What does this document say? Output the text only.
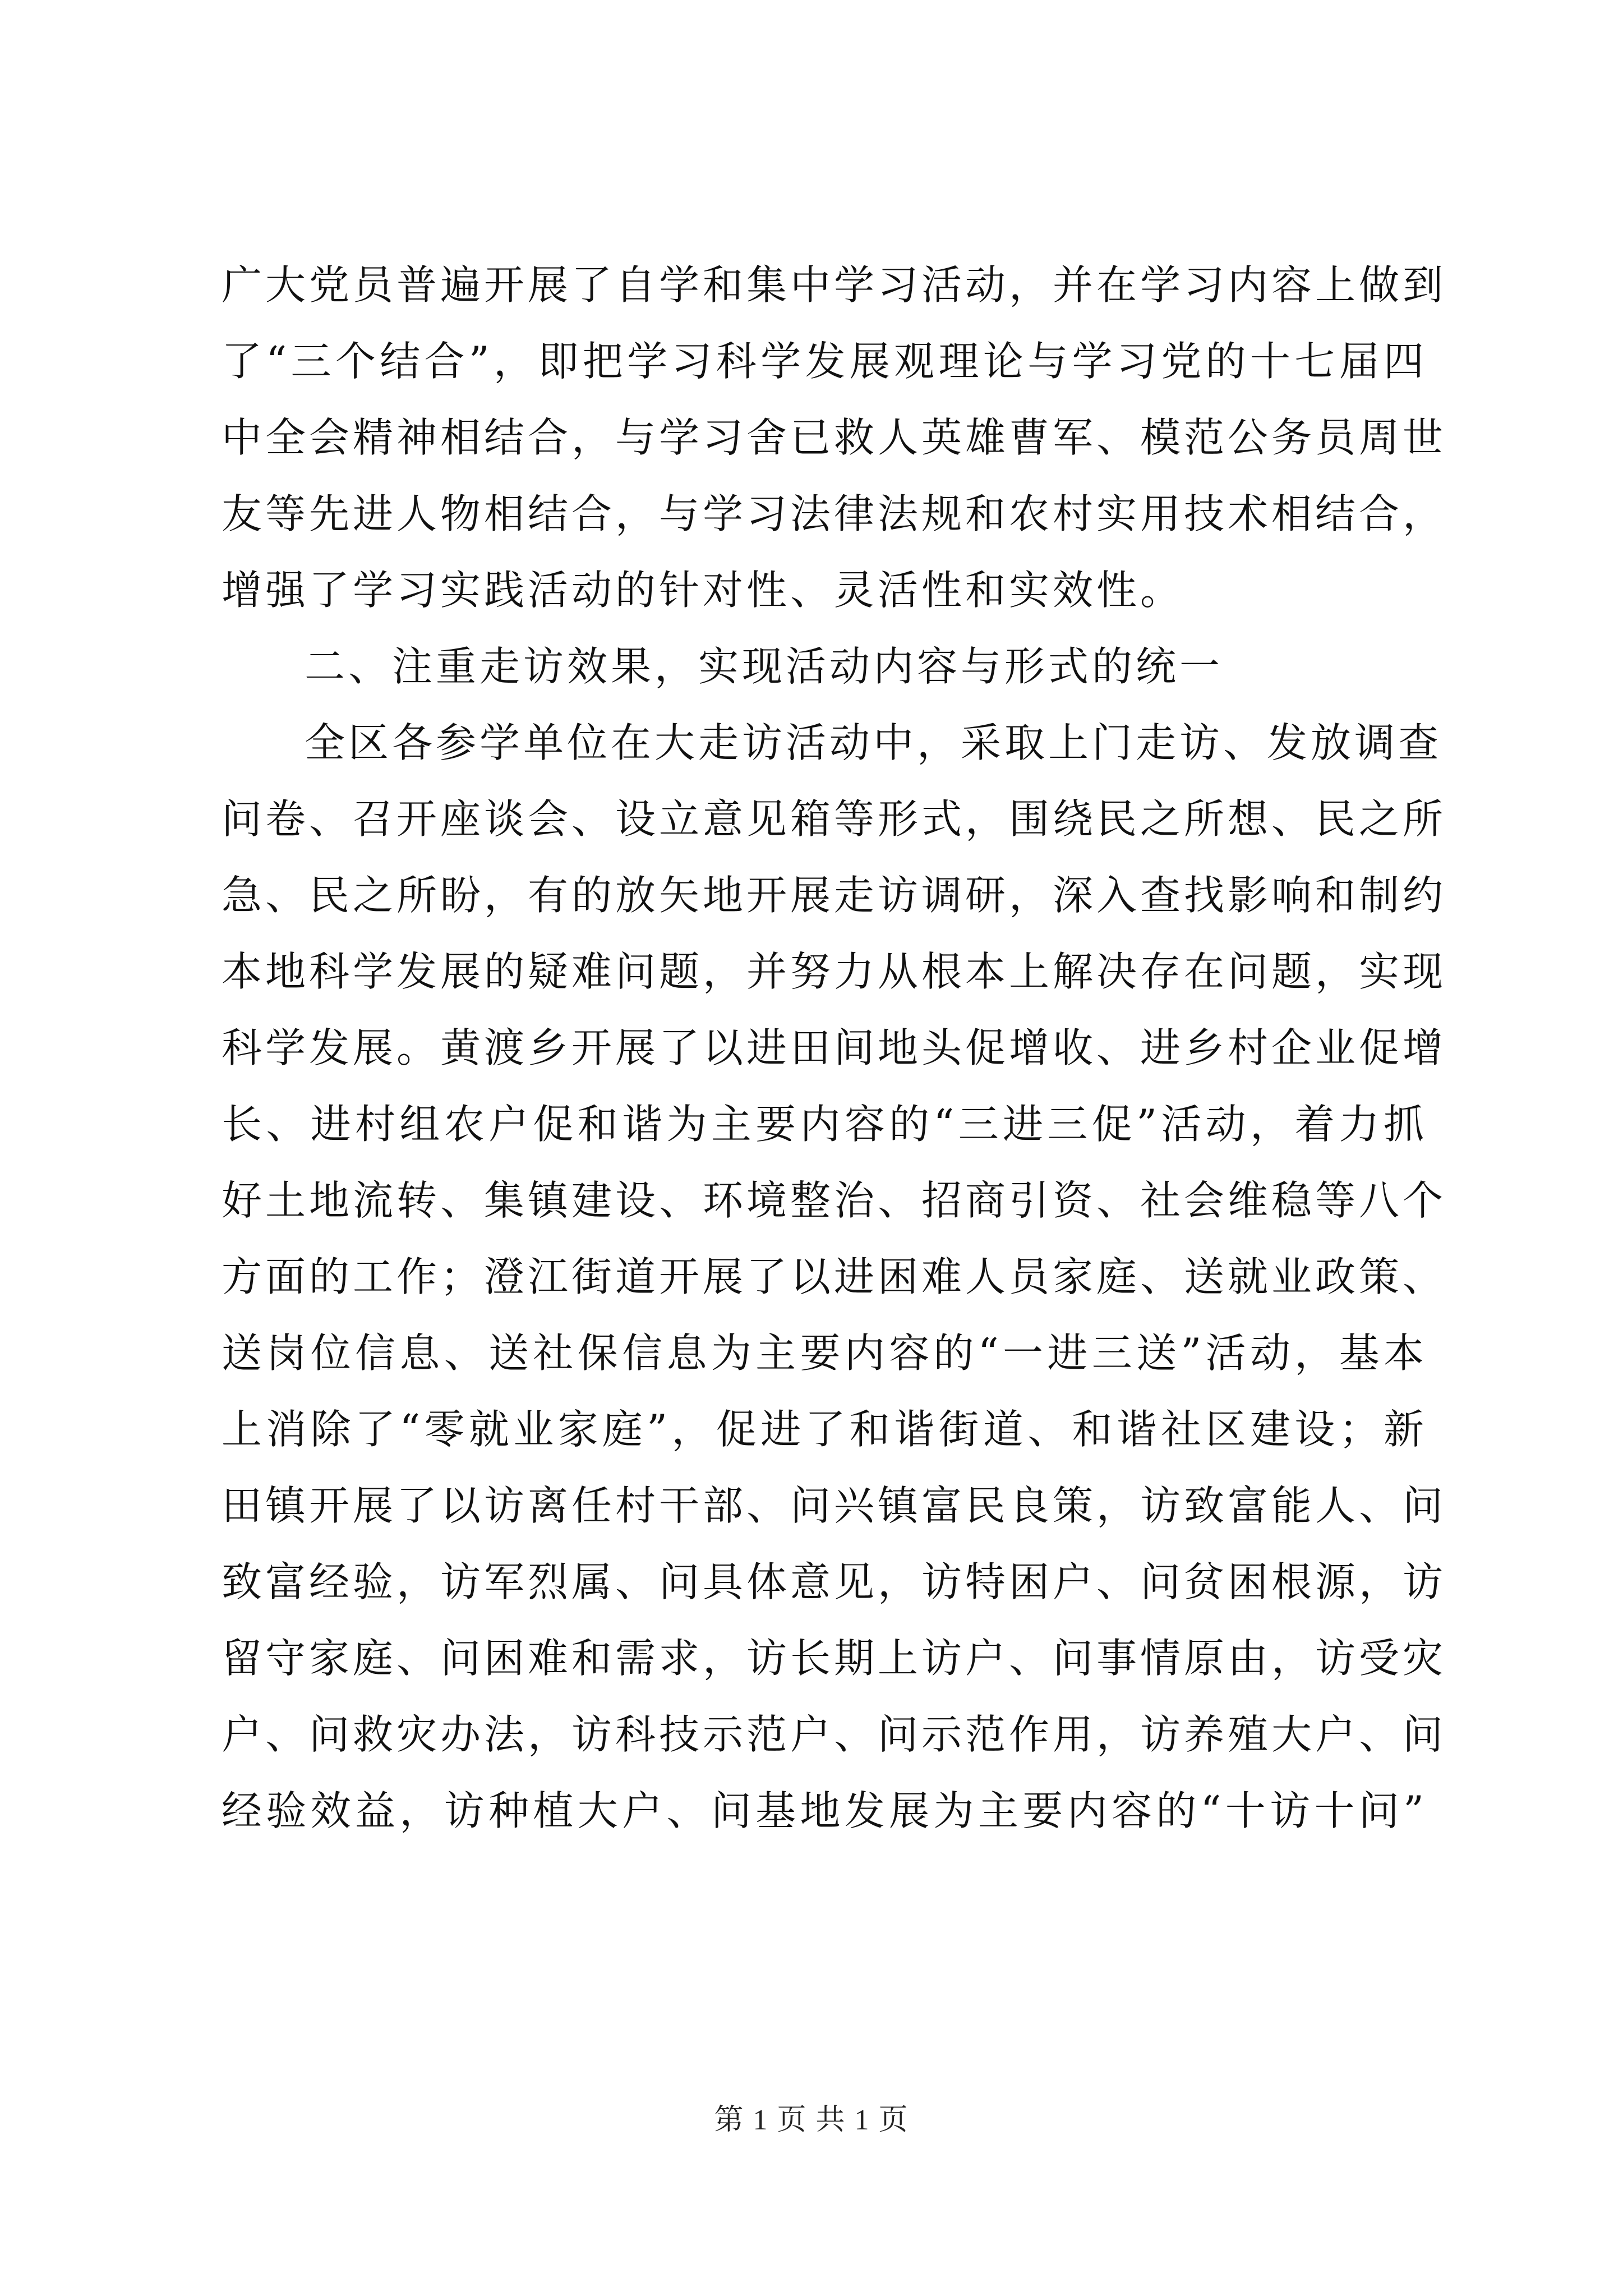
广大党员普遍开展了自学和集中学习活动，并在学习内容上做到
了“三个结合”，即把学习科学发展观理论与学习党的十七届四
中全会精神相结合，与学习舍已救人英雄曹军、模范公务员周世
友等先进人物相结合，与学习法律法规和农村实用技术相结合，
增强了学习实践活动的针对性、灵活性和实效性。
二、注重走访效果，实现活动内容与形式的统一
全区各参学单位在大走访活动中，采取上门走访、发放调查
问卷、召开座谈会、设立意见箱等形式，围绕民之所想、民之所
急、民之所盼，有的放矢地开展走访调研，深入查找影响和制约
本地科学发展的疑难问题，并努力从根本上解决存在问题，实现
科学发展。黄渡乡开展了以进田间地头促增收、进乡村企业促增
长、进村组农户促和谐为主要内容的“三进三促”活动，着力抓
好土地流转、集镇建设、环境整治、招商引资、社会维稳等八个
方面的工作；澄江街道开展了以进困难人员家庭、送就业政策、
送岗位信息、送社保信息为主要内容的“一进三送”活动，基本
上消除了“零就业家庭”，促进了和谐街道、和谐社区建设；新
田镇开展了以访离任村干部、问兴镇富民良策，访致富能人、问
致富经验，访军烈属、问具体意见，访特困户、问贫困根源，访
留守家庭、问困难和需求，访长期上访户、问事情原由，访受灾
户、问救灾办法，访科技示范户、问示范作用，访养殖大户、问
经验效益，访种植大户、问基地发展为主要内容的“十访十问”
第 1 页 共 1 页
